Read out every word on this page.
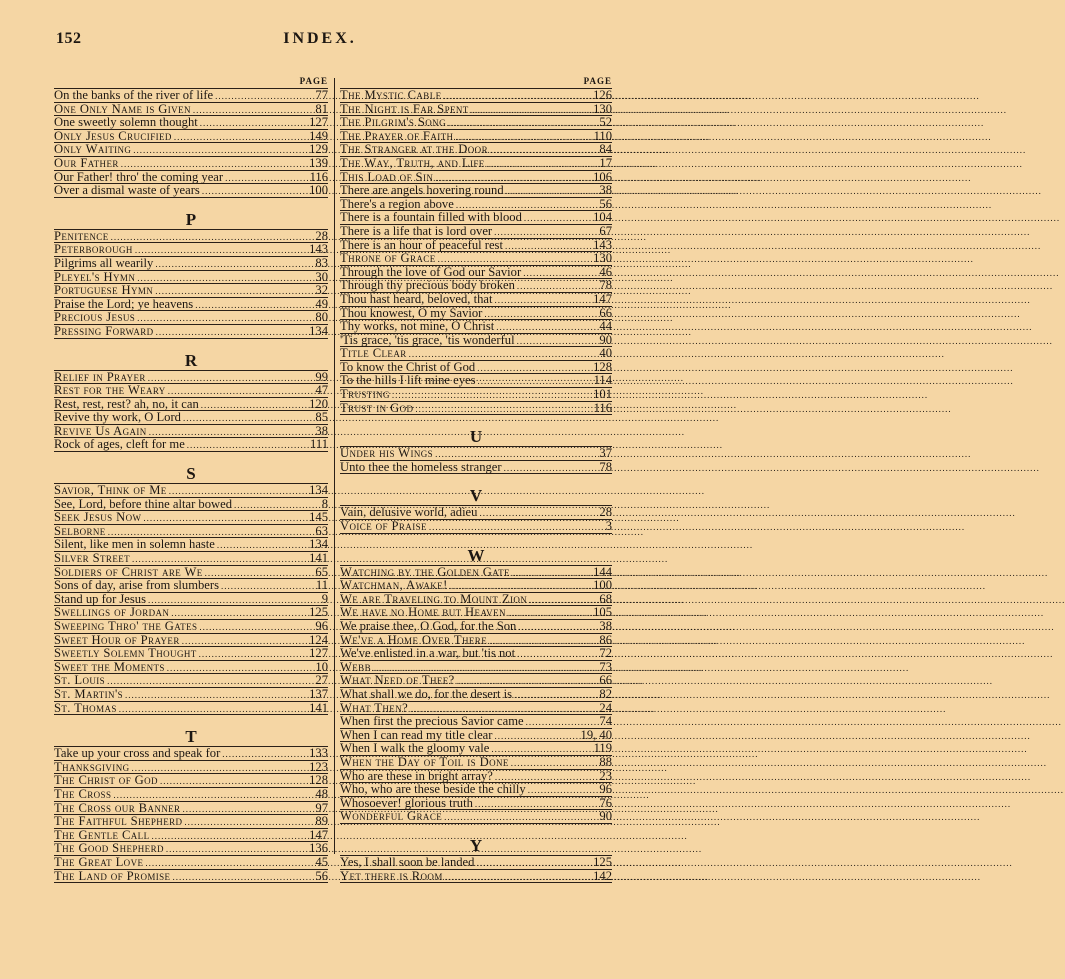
152	INDEX.
PAGE
On the banks of the river of life .....	77
One Only Name is Given .....	81
One sweetly solemn thought .....	127
Only Jesus Crucified .....	149
Only Waiting .....	129
Our Father .....	139
Our Father! thro' the coming year .....	116
Over a dismal waste of years .....	100
P
Penitence .....	28
Peterborough .....	143
Pilgrims all wearily .....	83
Pleyel's Hymn .....	30
Portuguese Hymn .....	32
Praise the Lord; ye heavens .....	49
Precious Jesus .....	80
Pressing Forward .....	134
R
Relief in Prayer .....	99
Rest for the Weary .....	47
Rest, rest, rest? ah, no, it can .....	120
Revive thy work, O Lord .....	85
Revive Us Again .....	38
Rock of ages, cleft for me .....	111
S
Savior, Think of Me .....	134
See, Lord, before thine altar bowed .....	8
Seek Jesus Now .....	145
Selborne .....	63
Silent, like men in solemn haste .....	134
Silver Street .....	141
Soldiers of Christ are We .....	65
Sons of day, arise from slumbers .....	11
Stand up for Jesus .....	9
Swellings of Jordan .....	125
Sweeping Thro' the Gates .....	96
Sweet Hour of Prayer .....	124
Sweetly Solemn Thought .....	127
Sweet the Moments .....	10
St. Louis .....	27
St. Martin's .....	137
St. Thomas .....	141
T
Take up your cross and speak for .....	133
Thanksgiving .....	123
The Christ of God .....	128
The Cross .....	48
The Cross our Banner .....	97
The Faithful Shepherd .....	89
The Gentle Call .....	147
The Good Shepherd .....	136
The Great Love .....	45
The Land of Promise .....	56
PAGE
The Mystic Cable .....	126
The Night is Far Spent .....	130
The Pilgrim's Song .....	52
The Prayer of Faith .....	110
The Stranger at the Door .....	84
The Way, Truth, and Life .....	17
This Load of Sin .....	106
There are angels hovering round .....	38
There's a region above .....	56
There is a fountain filled with blood .....	104
There is a life that is lord over .....	67
There is an hour of peaceful rest .....	143
Throne of Grace .....	130
Through the love of God our Savior .....	46
Through thy precious body broken .....	78
Thou hast heard, beloved, that .....	147
Thou knowest, O my Savior .....	66
Thy works, not mine, O Christ .....	44
'Tis grace, 'tis grace, 'tis wonderful .....	90
Title Clear .....	40
To know the Christ of God .....	128
To the hills I lift mine eyes .....	114
Trusting .....	101
Trust in God .....	116
U
Under his Wings .....	37
Unto thee the homeless stranger .....	78
V
Vain, delusive world, adieu .....	28
Voice of Praise .....	3
W
Watching by the Golden Gate .....	144
Watchman, Awake! .....	100
We are Traveling to Mount Zion .....	68
We have no Home but Heaven .....	105
We praise thee, O God, for the Son .....	38
We've a Home Over There .....	86
We've enlisted in a war, but 'tis not .....	72
Webb .....	73
What Need of Thee? .....	66
What shall we do, for the desert is .....	82
What Then? .....	24
When first the precious Savior came .....	74
When I can read my title clear .....	19, 40
When I walk the gloomy vale .....	119
When the Day of Toil is Done .....	88
Who are these in bright array? .....	23
Who, who are these beside the chilly .....	96
Whosoever! glorious truth .....	76
Wonderful Grace .....	90
Y
Yes, I shall soon be landed .....	125
Yet there is Room .....	142
